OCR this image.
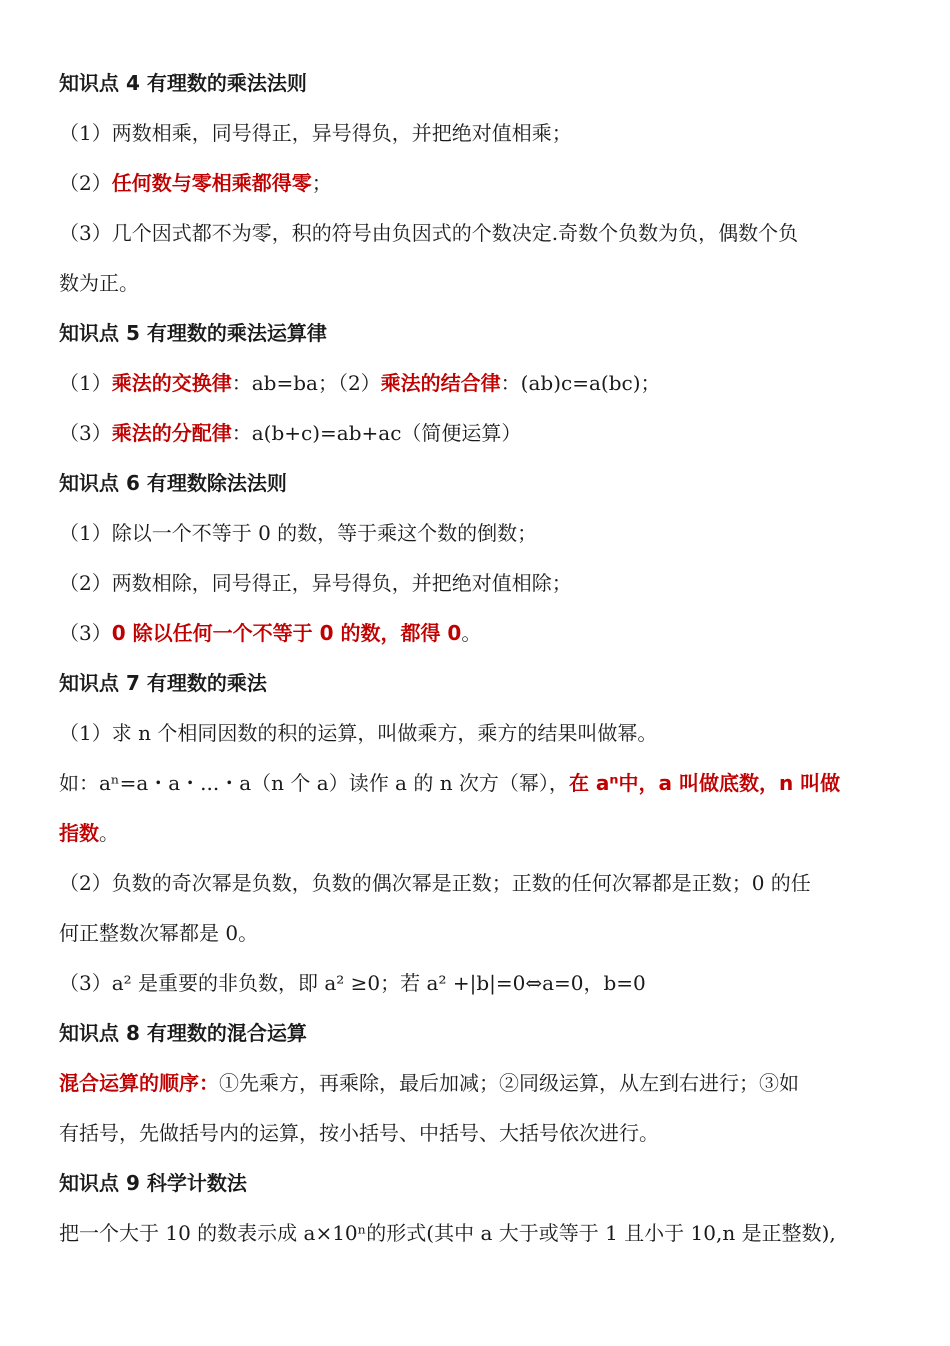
知识点 4 有理数的乘法法则
（1）两数相乘，同号得正，异号得负，并把绝对值相乘；
（2）任何数与零相乘都得零；
（3）几个因式都不为零，积的符号由负因式的个数决定.奇数个负数为负，偶数个负
数为正。
知识点 5 有理数的乘法运算律
（1）乘法的交换律：ab=ba；（2）乘法的结合律：(ab)c=a(bc)；
（3）乘法的分配律：a(b+c)=ab+ac（简便运算）
知识点 6 有理数除法法则
（1）除以一个不等于 0 的数，等于乘这个数的倒数；
（2）两数相除，同号得正，异号得负，并把绝对值相除；
（3）0 除以任何一个不等于 0 的数，都得 0。
知识点 7 有理数的乘法
（1）求 n 个相同因数的积的运算，叫做乘方，乘方的结果叫做幂。
如：aⁿ=a・a・...・a（n 个 a）读作 a 的 n 次方（幂），在 aⁿ中，a 叫做底数，n 叫做
指数。
（2）负数的奇次幂是负数，负数的偶次幂是正数；正数的任何次幂都是正数；0 的任
何正整数次幂都是 0。
（3）a² 是重要的非负数，即 a² ≥0；若 a² +|b|=0⇔a=0，b=0
知识点 8 有理数的混合运算
混合运算的顺序：①先乘方，再乘除，最后加减；②同级运算，从左到右进行；③如
有括号，先做括号内的运算，按小括号、中括号、大括号依次进行。
知识点 9 科学计数法
把一个大于 10 的数表示成 a×10ⁿ的形式(其中 a 大于或等于 1 且小于 10,n 是正整数),
